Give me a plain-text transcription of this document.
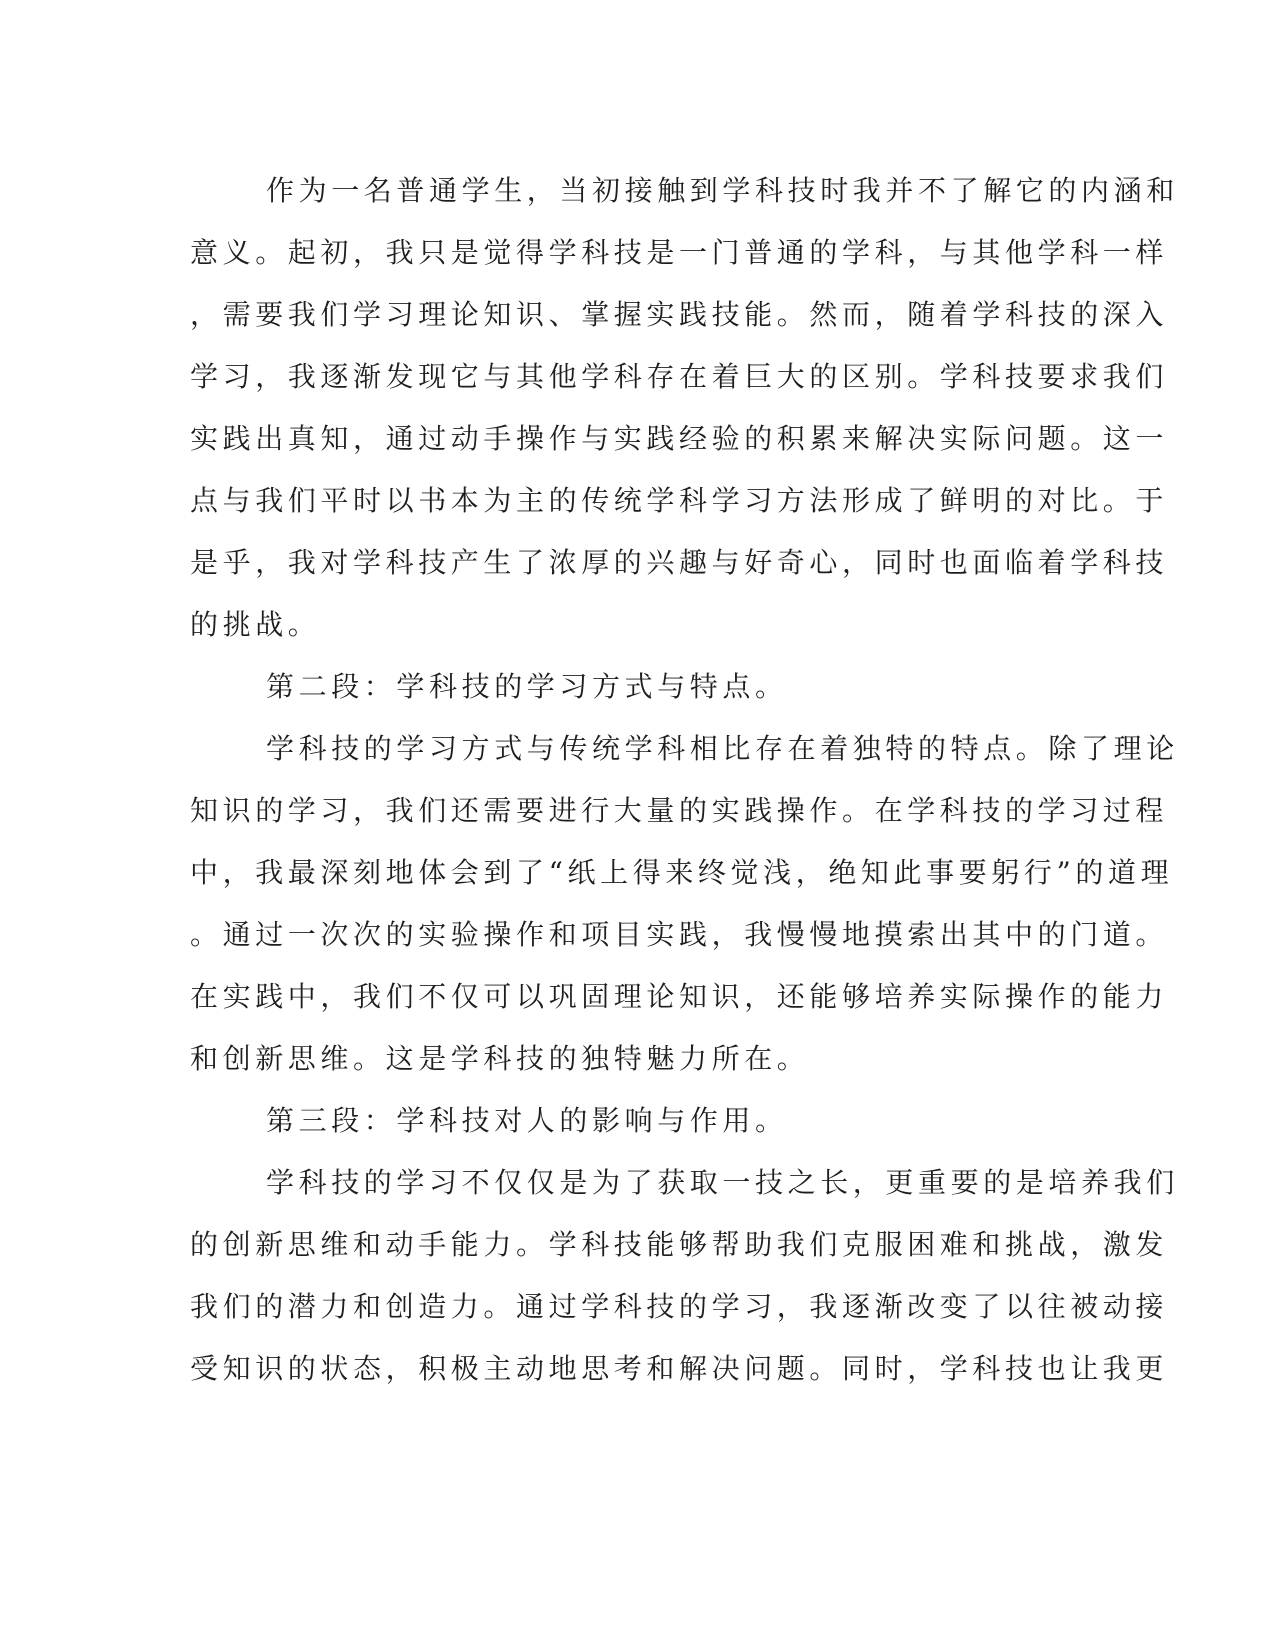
作为一名普通学生，当初接触到学科技时我并不了解它的内涵和
意义。起初，我只是觉得学科技是一门普通的学科，与其他学科一样
，需要我们学习理论知识、掌握实践技能。然而，随着学科技的深入
学习，我逐渐发现它与其他学科存在着巨大的区别。学科技要求我们
实践出真知，通过动手操作与实践经验的积累来解决实际问题。这一
点与我们平时以书本为主的传统学科学习方法形成了鲜明的对比。于
是乎，我对学科技产生了浓厚的兴趣与好奇心，同时也面临着学科技
的挑战。
第二段：学科技的学习方式与特点。
学科技的学习方式与传统学科相比存在着独特的特点。除了理论
知识的学习，我们还需要进行大量的实践操作。在学科技的学习过程
中，我最深刻地体会到了“纸上得来终觉浅，绝知此事要躬行”的道理
。通过一次次的实验操作和项目实践，我慢慢地摸索出其中的门道。
在实践中，我们不仅可以巩固理论知识，还能够培养实际操作的能力
和创新思维。这是学科技的独特魅力所在。
第三段：学科技对人的影响与作用。
学科技的学习不仅仅是为了获取一技之长，更重要的是培养我们
的创新思维和动手能力。学科技能够帮助我们克服困难和挑战，激发
我们的潜力和创造力。通过学科技的学习，我逐渐改变了以往被动接
受知识的状态，积极主动地思考和解决问题。同时，学科技也让我更
